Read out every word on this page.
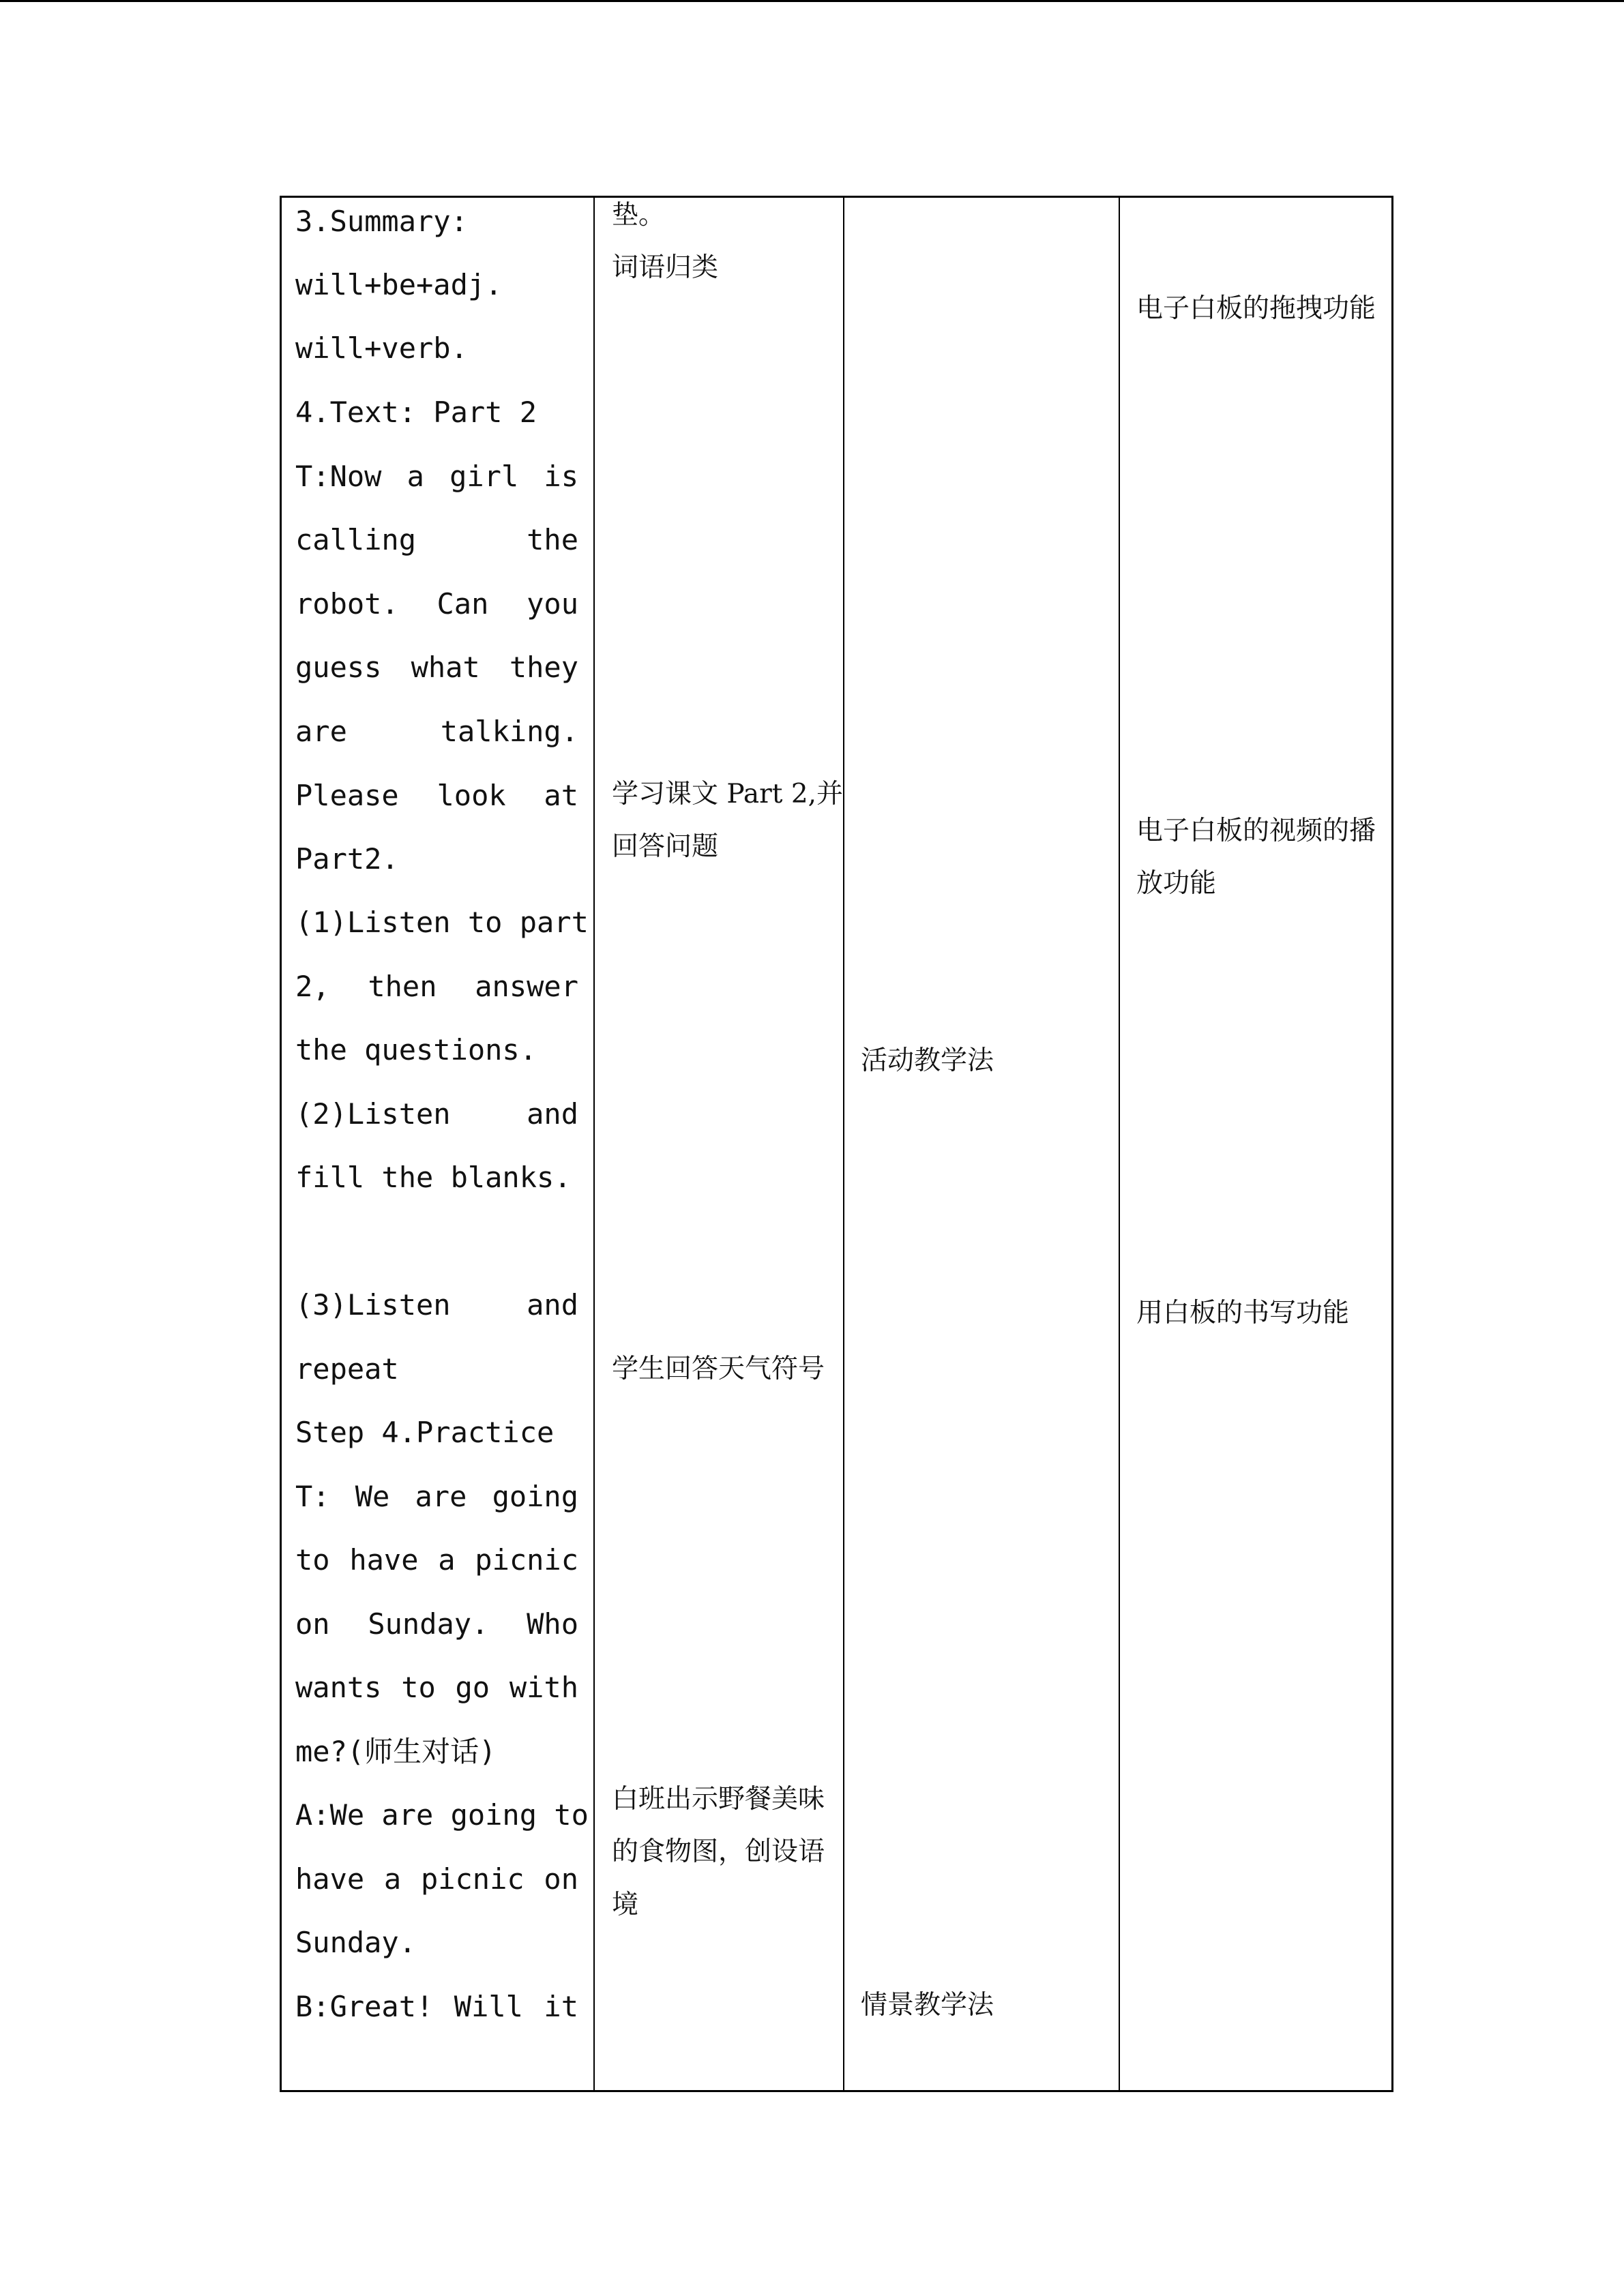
3.Summary:
will+be+adj.
will+verb.
4.Text: Part 2
T:Now a girl is
calling the
robot. Can you
guess what they
are talking.
Please look at
Part2.
(1)Listen to part
2, then answer
the questions.
(2)Listen and
fill the blanks.
(3)Listen and
repeat
Step 4.Practice
T: We are going
to have a picnic
on Sunday. Who
wants to go with
me?(师生对话)
A:We are going to
have a picnic on
Sunday.
B:Great! Will it
垫。
词语归类
学习课文 Part 2,并
回答问题
学生回答天气符号
白班出示野餐美味
的食物图，创设语
境
活动教学法
情景教学法
电子白板的拖拽功能
电子白板的视频的播
放功能
用白板的书写功能
